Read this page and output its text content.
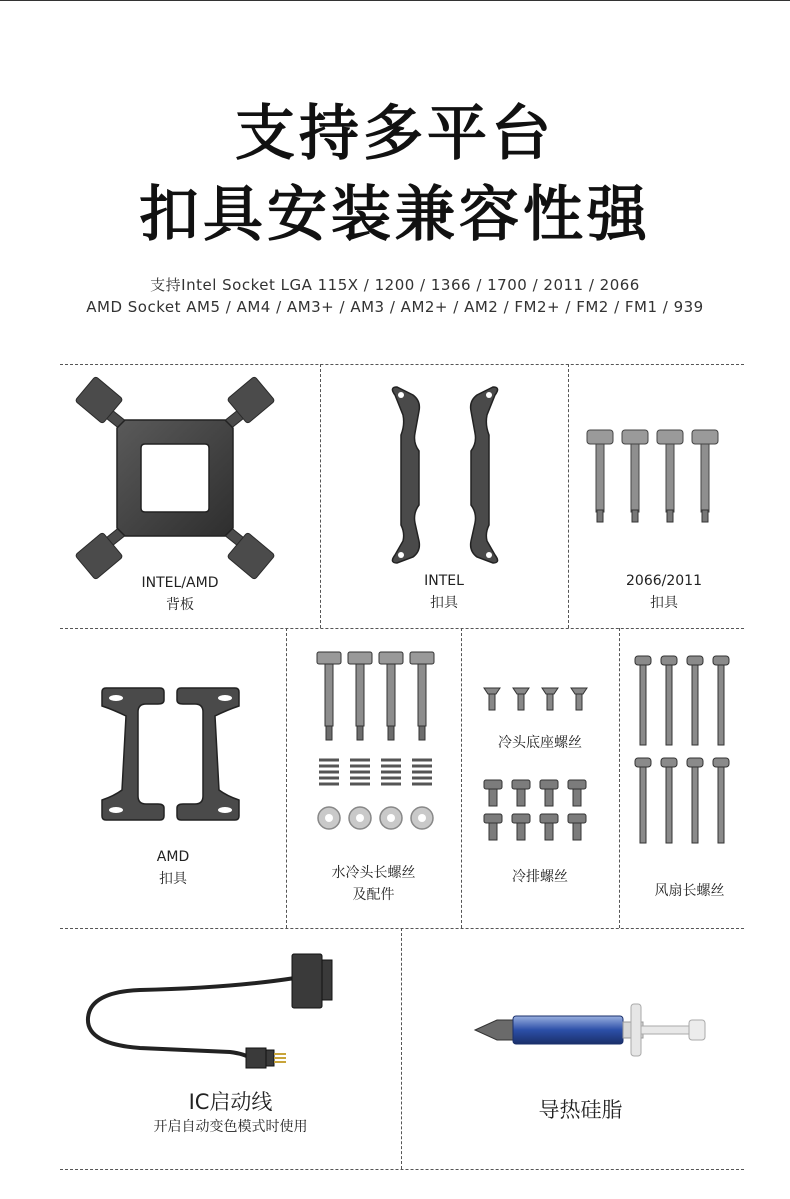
支持多平台
扣具安装兼容性强
支持Intel Socket LGA 115X / 1200 / 1366 / 1700 / 2011 / 2066
AMD Socket AM5 / AM4 / AM3+ / AM3 / AM2+ / AM2 / FM2+ / FM2 / FM1 / 939
INTEL/AMD
背板
INTEL
扣具
2066/2011
扣具
AMD
扣具	水冷头长螺丝
及配件
冷头底座螺丝
冷排螺丝
风扇长螺丝
IC启动线
开启自动变色模式时使用
导热硅脂
